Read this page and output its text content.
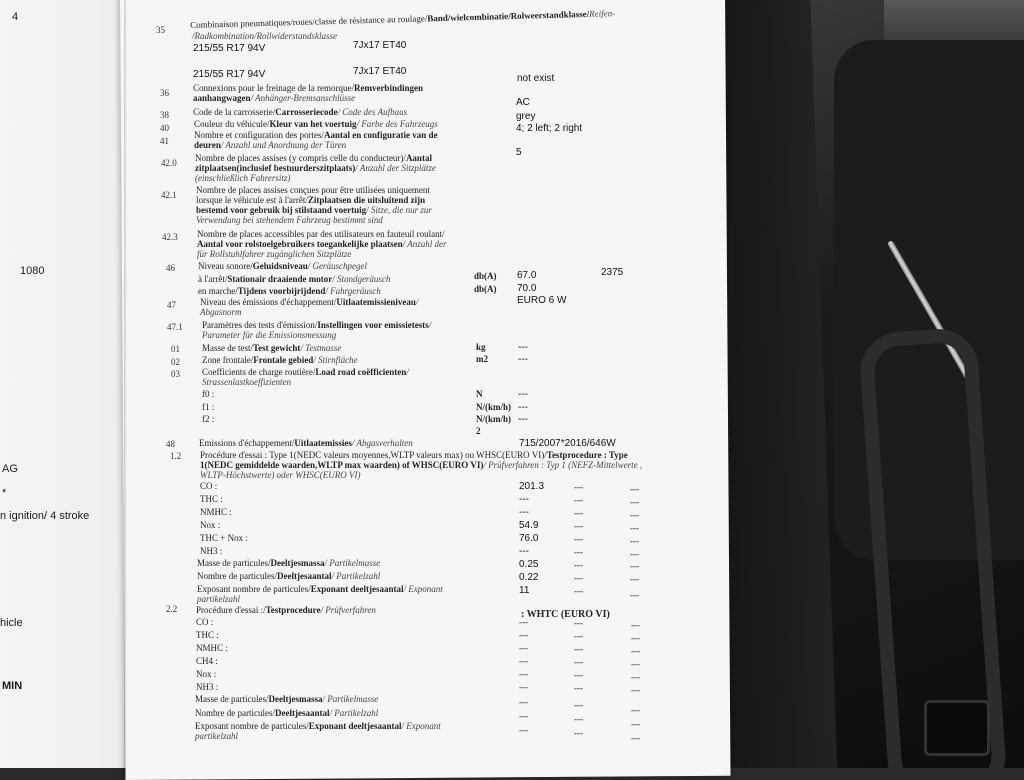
4
1080
AG
*
n ignition/ 4 stroke
hicle
MIN
35
Combinaison pneumatiques/roues/classe de résistance au roulage/Band/wielcombinatie/Rolweerstandklasse/Reifen-
/Radkombination/Rollwiderstandsklasse
215/55 R17 94V	7Jx17 ET40
215/55 R17 94V	7Jx17 ET40
36	Connexions pour le freinage de la remorque/Remverbindingen
aanhangwagen/ Anhänger-Bremsanschlüsse
not exist
38	Code de la carrosserie/Carrosseriecode/ Code des Aufbaus
AC
40	Couleur du véhicule/Kleur van het voertuig/ Farbe des Fahrzeugs
grey
41
Nombre et configuration des portes/Aantal en configuratie van de
deuren/ Anzahl und Anordnung der Türen
4; 2 left; 2 right
42.0 Nombre de places assises (y compris celle du conducteur)/Aantal
zitplaatsen(inclusief bestuurderszitplaats)/ Anzahl der Sitzplätze
(einschließlich Fahrersitz)
5
42.1 Nombre de places assises conçues pour être utilisées uniquement
lorsque le véhicule est à l'arrêt/Zitplaatsen die uitsluitend zijn
bestemd voor gebruik bij stilstaand voertuig/ Sitze, die nur zur
Verwendung bei stehendem Fahrzeug bestimmt sind
42.3 Nombre de places accessibles par des utilisateurs en fauteuil roulant/
Aantal voor rolstoelgebruikers toegankelijke plaatsen/ Anzahl der
für Rollstuhlfahrer zugänglichen Sitzplätze
46	Niveau sonore/Geluidsniveau/ Geräuschpegel
à l'arrêt/Stationair draaiende motor/ Standgeräusch	db(A) 67.0	2375
en marche/Tijdens voorbijrijdend/ Fahrgeräusch	db(A) 70.0
47	Niveau des émissions d'échappement/Uitlaatemissieniveau/
Abgasnorm
EURO 6 W
47.1 Paramètres des tests d'émission/Instellingen voor emissietests/
Parameter für die Emissionsmessung
01 Masse de test/Test gewicht/ Testmasse	kg	---
02 Zone frontale/Frontale gebied/ Stirnfläche	m2	---
03 Coefficients de charge routière/Load road coëfficienten/
Strassenlastkoeffizienten
f0 :	N	---
f1 :	N/(km/h) ---
f2 :	N/(km/h) ---
2
48	Emissions d'échappement/Uitlaatemissies/ Abgasverhalten	715/2007*2016/646W
1.2 Procédure d'essai : Type 1(NEDC valeurs moyennes,WLTP valeurs max) ou WHSC(EURO VI)/Testprocedure : Type
1(NEDC gemiddelde waarden,WLTP max waarden) of WHSC(EURO VI)/ Prüfverfahren : Typ 1 (NEFZ-Mittelwerte ,
WLTP-Höchstwerte) oder WHSC(EURO VI)
CO :	201.3	---	---
THC :	---	---	---
NMHC :	---	---	---
Nox :	54.9	---	---
THC + Nox :	76.0	---	---
NH3 :	---	---	---
Masse de particules/Deeltjesmassa/ Partikelmasse	0.25	---	---
Nombre de particules/Deeltjesaantal/ Partikelzahl	0.22	---	---
Exposant nombre de particules/Exponant deeltjesaantal/ Exponant
partikelzahl
11	---	---
2.2 Procédure d'essai :/Testprocedure/ Prüfverfahren	: WHTC (EURO VI)
CO :	---	---	---
THC :	---	---	---
NMHC :	---	---	---
CH4 :	---	---	---
Nox :	---	---	---
NH3 :	---	---	---
Masse de particules/Deeltjesmassa/ Partikelmasse	---	---	---
Nombre de particules/Deeltjesaantal/ Partikelzahl	---	---	---
Exposant nombre de particules/Exponant deeltjesaantal/ Exponant
partikelzahl
---	---	---
